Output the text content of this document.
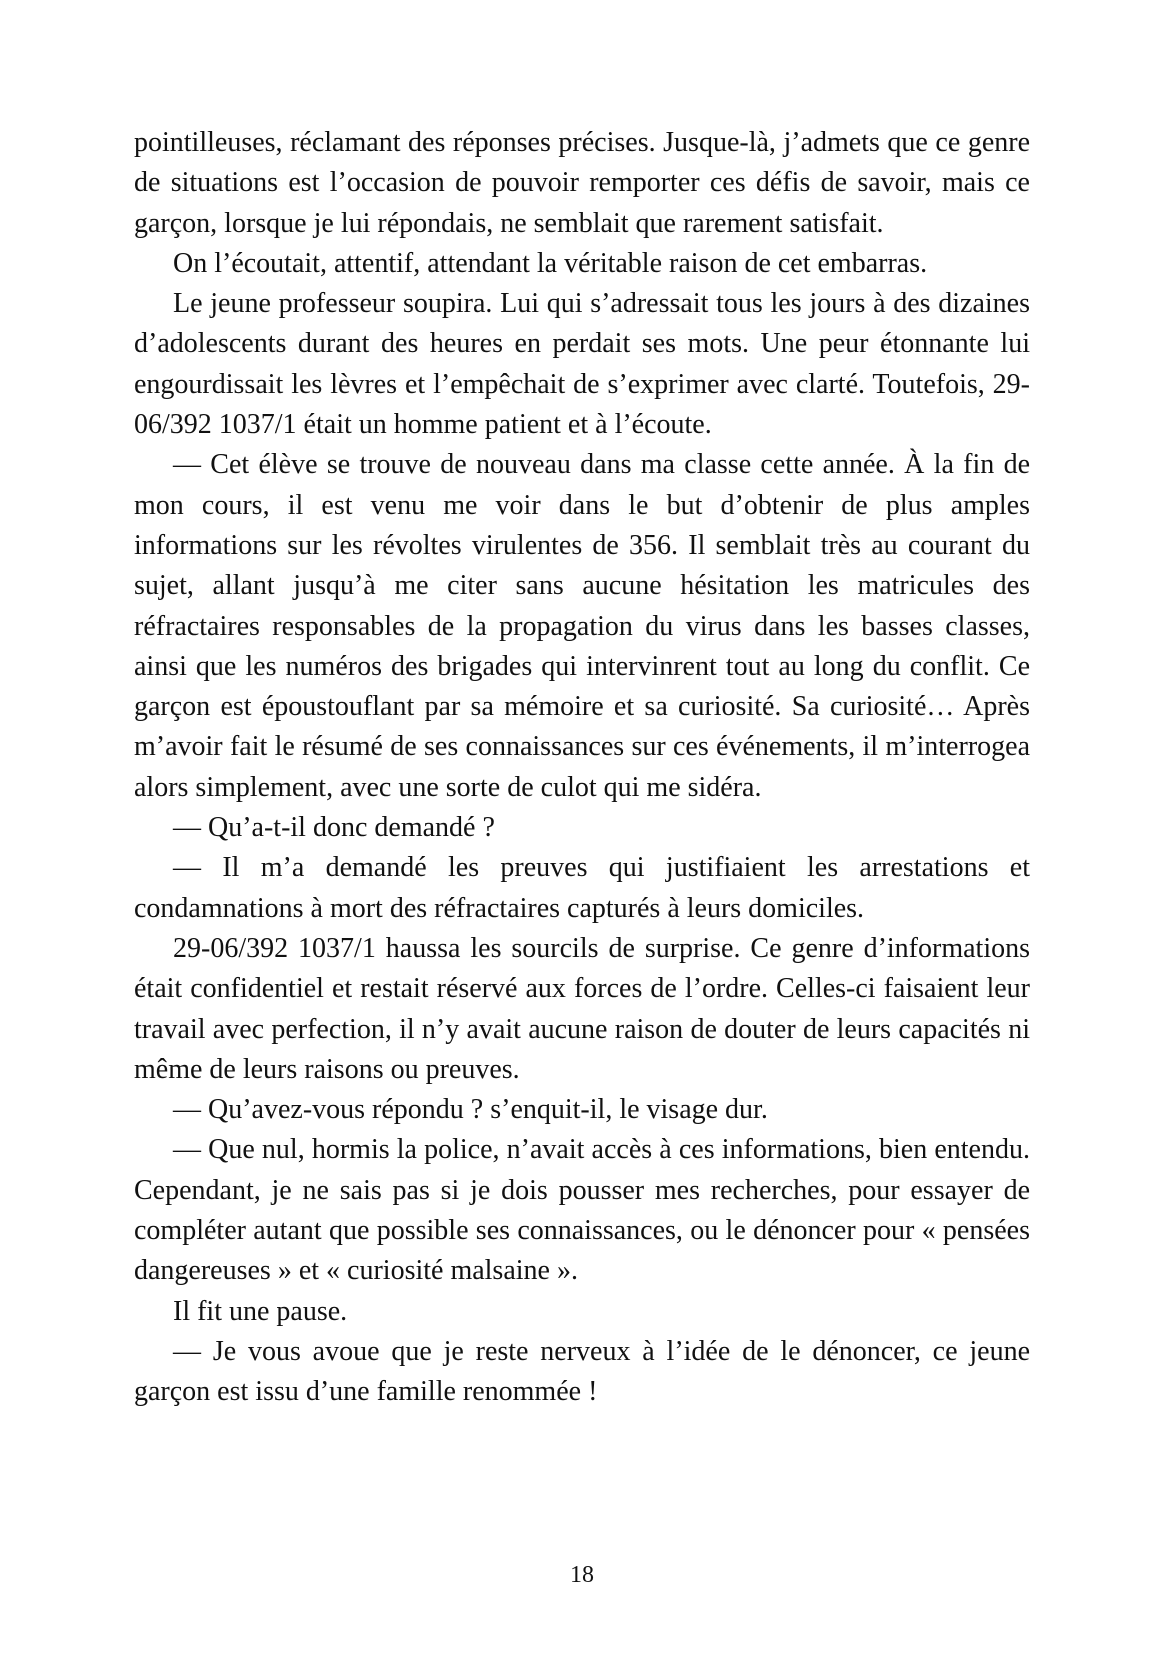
pointilleuses, réclamant des réponses précises. Jusque-là, j’admets que ce genre de situations est l’occasion de pouvoir remporter ces défis de savoir, mais ce garçon, lorsque je lui répondais, ne semblait que rarement satisfait.

On l’écoutait, attentif, attendant la véritable raison de cet embarras.

Le jeune professeur soupira. Lui qui s’adressait tous les jours à des dizaines d’adolescents durant des heures en perdait ses mots. Une peur étonnante lui engourdissait les lèvres et l’empêchait de s’exprimer avec clarté. Toutefois, 29-06/392 1037/1 était un homme patient et à l’écoute.

— Cet élève se trouve de nouveau dans ma classe cette année. À la fin de mon cours, il est venu me voir dans le but d’obtenir de plus amples informations sur les révoltes virulentes de 356. Il semblait très au courant du sujet, allant jusqu’à me citer sans aucune hésitation les matricules des réfractaires responsables de la propagation du virus dans les basses classes, ainsi que les numéros des brigades qui intervinrent tout au long du conflit. Ce garçon est époustouflant par sa mémoire et sa curiosité. Sa curiosité… Après m’avoir fait le résumé de ses connaissances sur ces événements, il m’interrogea alors simplement, avec une sorte de culot qui me sidéra.

— Qu’a-t-il donc demandé ?

— Il m’a demandé les preuves qui justifiaient les arrestations et condamnations à mort des réfractaires capturés à leurs domiciles.

29-06/392 1037/1 haussa les sourcils de surprise. Ce genre d’informations était confidentiel et restait réservé aux forces de l’ordre. Celles-ci faisaient leur travail avec perfection, il n’y avait aucune raison de douter de leurs capacités ni même de leurs raisons ou preuves.

— Qu’avez-vous répondu ? s’enquit-il, le visage dur.

— Que nul, hormis la police, n’avait accès à ces informations, bien entendu. Cependant, je ne sais pas si je dois pousser mes recherches, pour essayer de compléter autant que possible ses connaissances, ou le dénoncer pour « pensées dangereuses » et « curiosité malsaine ».

Il fit une pause.

— Je vous avoue que je reste nerveux à l’idée de le dénoncer, ce jeune garçon est issu d’une famille renommée !

18
